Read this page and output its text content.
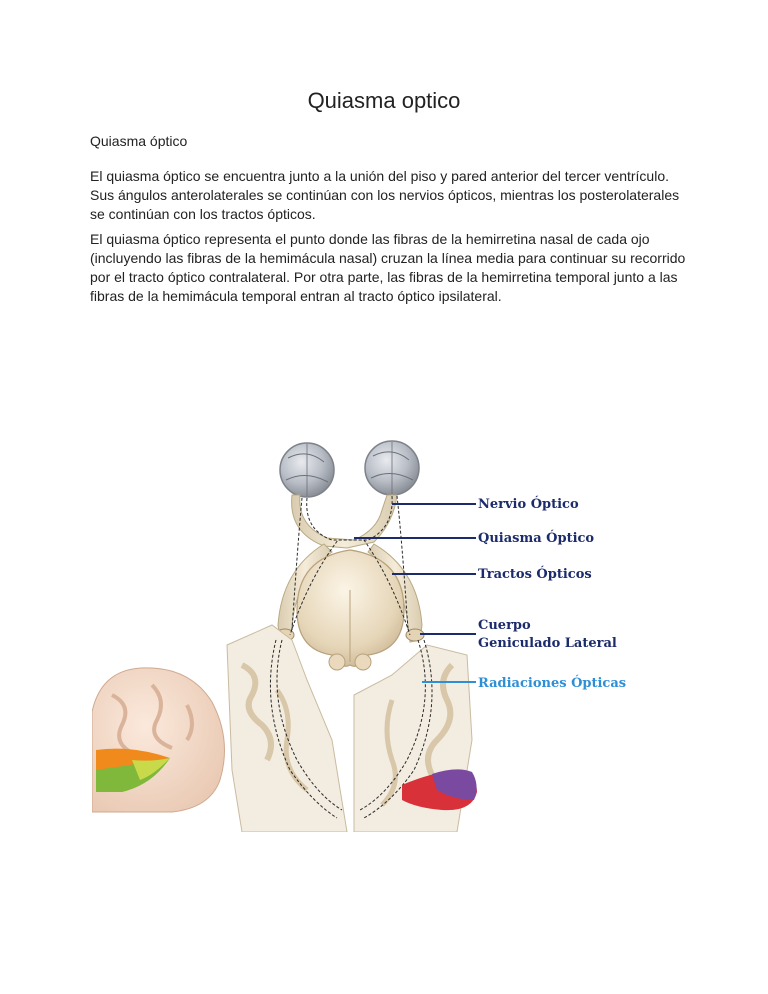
Quiasma optico

Quiasma óptico

El quiasma óptico se encuentra junto a la unión del piso y pared anterior del tercer ventrículo. Sus ángulos anterolaterales se continúan con los nervios ópticos, mientras los posterolaterales se continúan con los tractos ópticos.

El quiasma óptico representa el punto donde las fibras de la hemirretina nasal de cada ojo (incluyendo las fibras de la hemimácula nasal) cruzan la línea media para continuar su recorrido por el tracto óptico contralateral. Por otra parte, las fibras de la hemirretina temporal junto a las fibras de la hemimácula temporal entran al tracto óptico ipsilateral.

Nervio Óptico
Quiasma Óptico
Tractos Ópticos
Cuerpo
Geniculado Lateral
Radiaciones Ópticas
